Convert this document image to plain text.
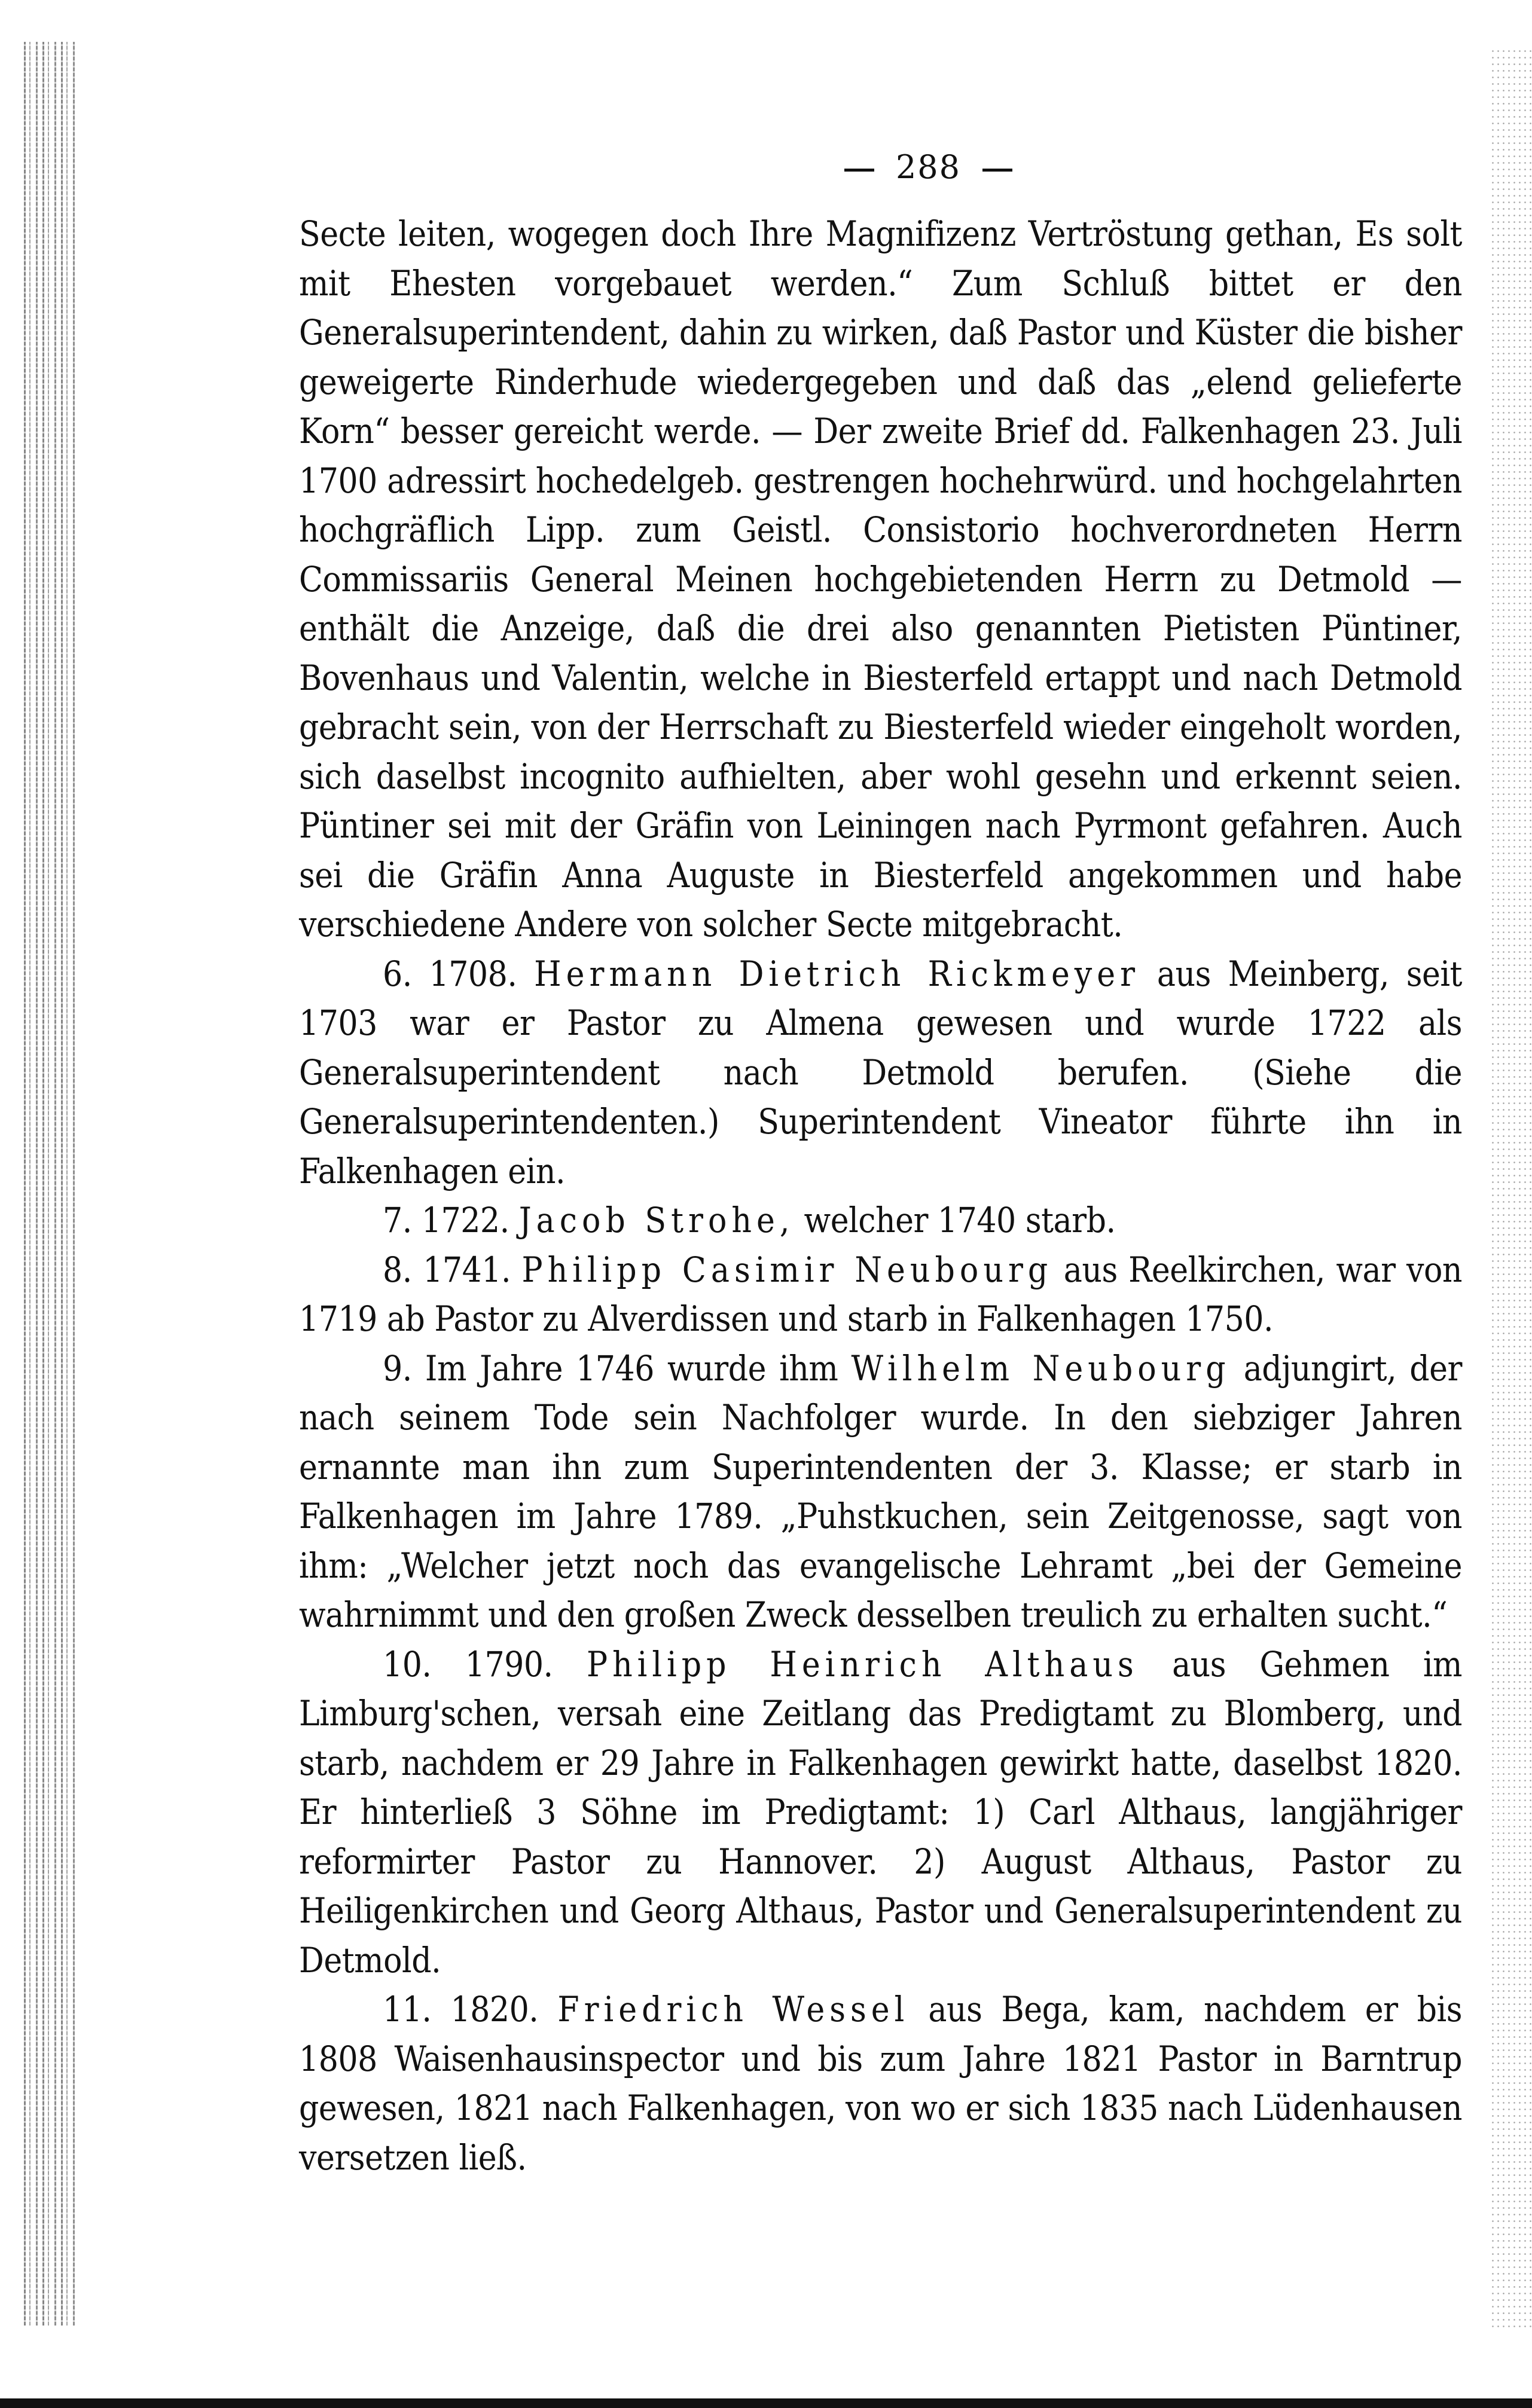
288

Secte leiten, wogegen doch Ihre Magnifizenz Vertröstung gethan, Es solt mit Ehesten vorgebauet werden.“ Zum Schluß bittet er den Generalsuperintendent, dahin zu wirken, daß Pastor und Küster die bisher geweigerte Rinderhude wiedergegeben und daß das „elend gelieferte Korn“ besser gereicht werde. — Der zweite Brief dd. Falkenhagen 23. Juli 1700 adressirt hochedelgeb. gestrengen hochehrwürd. und hochgelahrten hochgräflich Lipp. zum Geistl. Consistorio hochverordneten Herrn Commissariis General Meinen hochgebietenden Herrn zu Detmold — enthält die Anzeige, daß die drei also genannten Pietisten Püntiner, Bovenhaus und Valentin, welche in Biesterfeld ertappt und nach Detmold gebracht sein, von der Herrschaft zu Biesterfeld wieder eingeholt worden, sich daselbst incognito aufhielten, aber wohl gesehn und erkennt seien. Püntiner sei mit der Gräfin von Leiningen nach Pyrmont gefahren. Auch sei die Gräfin Anna Auguste in Biesterfeld angekommen und habe verschiedene Andere von solcher Secte mitgebracht.

6. 1708. Hermann Dietrich Rickmeyer aus Meinberg, seit 1703 war er Pastor zu Almena gewesen und wurde 1722 als Generalsuperintendent nach Detmold berufen. (Siehe die Generalsuperintendenten.) Superintendent Vineator führte ihn in Falkenhagen ein.

7. 1722. Jacob Strohe, welcher 1740 starb.

8. 1741. Philipp Casimir Neubourg aus Reelkirchen, war von 1719 ab Pastor zu Alverdissen und starb in Falkenhagen 1750.

9. Im Jahre 1746 wurde ihm Wilhelm Neubourg adjungirt, der nach seinem Tode sein Nachfolger wurde. In den siebziger Jahren ernannte man ihn zum Superintendenten der 3. Klasse; er starb in Falkenhagen im Jahre 1789. „Puhstkuchen, sein Zeitgenosse, sagt von ihm: „Welcher jetzt noch das evangelische Lehramt „bei der Gemeine wahrnimmt und den großen Zweck desselben treulich zu erhalten sucht.“

10. 1790. Philipp Heinrich Althaus aus Gehmen im Limburg'schen, versah eine Zeitlang das Predigtamt zu Blomberg, und starb, nachdem er 29 Jahre in Falkenhagen gewirkt hatte, daselbst 1820. Er hinterließ 3 Söhne im Predigtamt: 1) Carl Althaus, langjähriger reformirter Pastor zu Hannover. 2) August Althaus, Pastor zu Heiligenkirchen und Georg Althaus, Pastor und Generalsuperintendent zu Detmold.

11. 1820. Friedrich Wessel aus Bega, kam, nachdem er bis 1808 Waisenhausinspector und bis zum Jahre 1821 Pastor in Barntrup gewesen, 1821 nach Falkenhagen, von wo er sich 1835 nach Lüdenhausen versetzen ließ.
